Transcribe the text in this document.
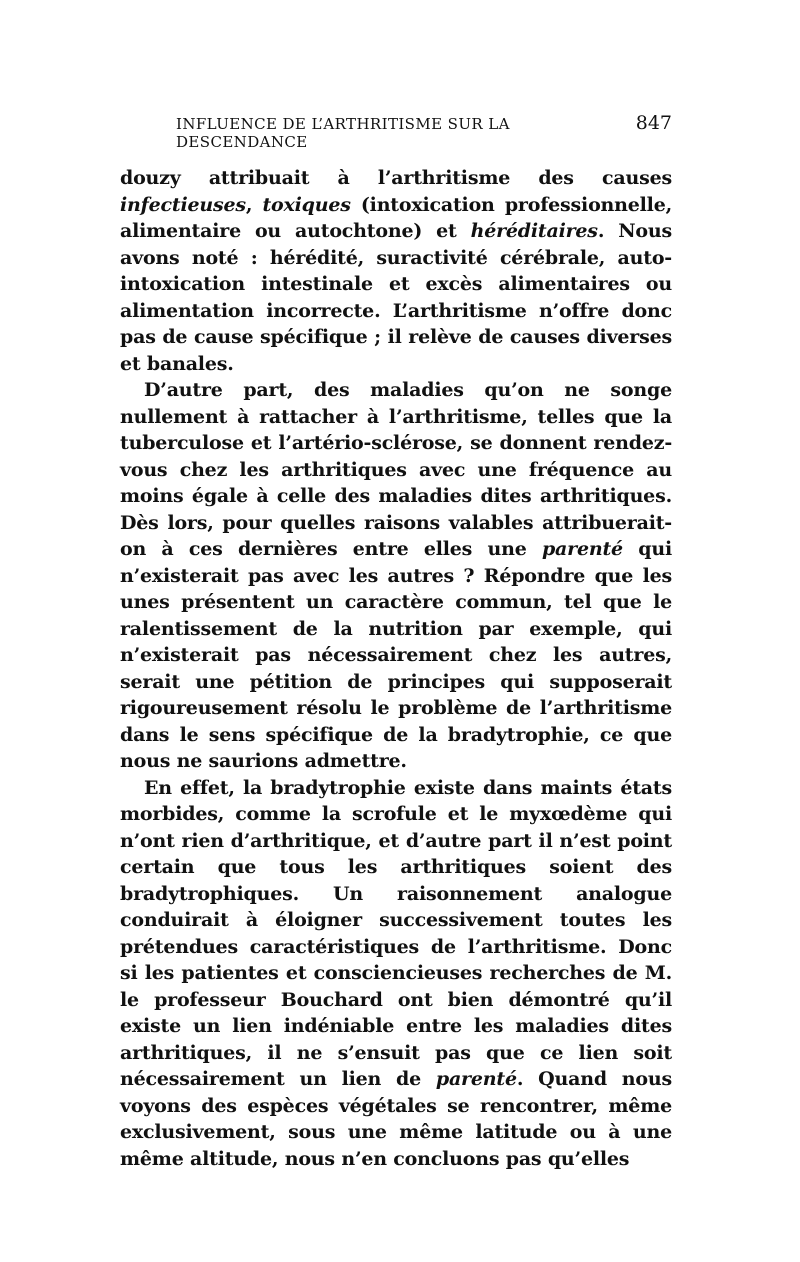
INFLUENCE DE L’ARTHRITISME SUR LA DESCENDANCE
847

douzy attribuait à l’arthritisme des causes infectieuses, toxiques (intoxication professionnelle, alimentaire ou autochtone) et héréditaires. Nous avons noté : hérédité, suractivité cérébrale, auto-intoxication intestinale et excès alimentaires ou alimentation incorrecte. L’arthritisme n’offre donc pas de cause spécifique ; il relève de causes diverses et banales.

D’autre part, des maladies qu’on ne songe nullement à rattacher à l’arthritisme, telles que la tuberculose et l’artério-sclérose, se donnent rendez-vous chez les arthritiques avec une fréquence au moins égale à celle des maladies dites arthritiques. Dès lors, pour quelles raisons valables attribuerait-on à ces dernières entre elles une parenté qui n’existerait pas avec les autres ? Répondre que les unes présentent un caractère commun, tel que le ralentissement de la nutrition par exemple, qui n’existerait pas nécessairement chez les autres, serait une pétition de principes qui supposerait rigoureusement résolu le problème de l’arthritisme dans le sens spécifique de la bradytrophie, ce que nous ne saurions admettre.

En effet, la bradytrophie existe dans maints états morbides, comme la scrofule et le myxœdème qui n’ont rien d’arthritique, et d’autre part il n’est point certain que tous les arthritiques soient des bradytrophiques. Un raisonnement analogue conduirait à éloigner successivement toutes les prétendues caractéristiques de l’arthritisme. Donc si les patientes et consciencieuses recherches de M. le professeur Bouchard ont bien démontré qu’il existe un lien indéniable entre les maladies dites arthritiques, il ne s’ensuit pas que ce lien soit nécessairement un lien de parenté. Quand nous voyons des espèces végétales se rencontrer, même exclusivement, sous une même latitude ou à une même altitude, nous n’en concluons pas qu’elles
